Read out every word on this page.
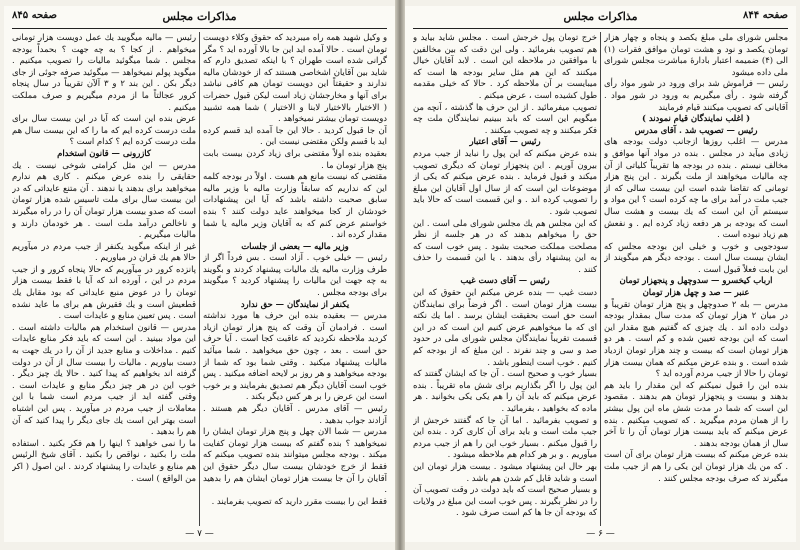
مذاكرات مجلس
صفحه ۸۴۵

و وكيل شهيد همه راه ميبرديد كه حقوق وكلاء دويست تومان است . حالا آمده ايد اين جا بالا آورده ايد ؟ مگر گرانی شده است طهران ؟ با اينكه تصديق دارم كه شايد بين آقايان اشخاصی هستند كه از خودشان مالیه ندارند و حقيقتاً اين دويست تومان هم كافی نباشد برای آنها و مخارجشان زياد است ليكن قبول حضرات ( الاختيار بالاختيار لابنا و الاختيار ) شما همه تشبيد دويست تومان بيشتر نميخواهد .

آن جا قبول كرديد . حالا اين جا آمده ايد قسم كرده ايد با قسم ولكن مقتضی نيست اين .

بعقيده بنده اولاً مقتضی برای زياد كردن بيست بابت پنج هزار تومان ما .

مقتضی كه نيست مانع هم هست . اولاً در بودجه كلمه اين كه نداريم كه سابقاً وزارت ماليه با وزير ماليه سابق صحبت داشته باشد كه آيا اين پيشنهادات خودشان از كجا ميخواهند عايد دولت كنند ؟ بنده خواستم عرض كنم كه به آقايان وزير ماليه يا شما مقدار كرده اند .

وزير ماليه — بعضی از جلسات

رئيس — خيلی خوب . آزاد است . بس فرداً اگر از طرف وزارت ماليه يك ماليات پيشنهاد كردند و بگويند به چه جهت اين ماليات را پيشنهاد كرديد ؟ ميگويند برای بودجه مجلس .

يكنفر از نمايندگان — حق ندارد

مدرس — بعقيده بنده اين حرف ها مورد نداشته است . فرادمان آن وقت كه پنج هزار تومان ازياد كرديد ملاحظه نكرديد كه عاقبت كجا است . آيا حرف حق است . بعد ، چون حق ميخواهيد . شما ميآئيد ماليات پيشنهاد ميكنيد . وقتی شما بود كه شما از بودجه ميخواهيد و هر روز بر لايحه اضافه ميكنيد . پس خوب است آقايان ديگر هم تصديق بفرمايند و بر خوب است اين عرض را بر هر كس ديگر بكند .

رئيس — آقای مدرس . آقايان ديگر هم هستند . آزادند جواب بدهيد .

مدرس — شما الان چهل و پنج هزار تومان ايشان را نميخواهيد ؟ بنده گفتم كه بيست هزار تومان كفايت ميكند . بودجه مجلس ميتوانند بنده تصويب ميكنم كه فقط از خرج خودشان بيست سال ديگر حقوق اين آقايان را آن جا بيست هزار تومان ايشان هم را بدهيد .

فقط اين را بيست مقرر داريد كه تصويب بفرمايند .

رئيس — ماليه ميگوييد يك عمل دويست هزار تومانی ميخواهم . از كجا ؟ به چه جهت ؟ بحمداً بودجه مجلس . شما ميگوئيد ماليات را تصويب ميكنيم . ميگويد پولم نميخواهد — ميگوئيد صرفه جوئی از جای ديگر بكن . اين بند ۲ و ۳ آلآن تقريباً در سال پنجاه كرور عجالتاً ما از مردم ميگيريم و صرف مملكت ميكنيم .

عرض بنده اين است كه آيا در اين بيست سال برای ملت درست كرده ايم كه ما را كه اين بيست سال هم ملت درست كرده ايم ؟ كدام است ؟

كازرونی — قانون استخدام

مدرس — اين مثل كرامتی شوخی نيست . يك حقايقی را بنده عرض ميكنم . كاری هم ندارم ميخواهيد برای بدهند يا ندهند . آن متنع عايداتی كه در اين بيست سال برای ملت تاسيس شده هزار تومان است كه صدو بيست هزار تومان آن را در راه ميگيرند و ناخالص درآمد ملت است . هر خودمان دارند و ماليات ميگيريم .

غير از اينكه ميگويد يكنفر از جيب مردم در ميآوريم حالا هم يك قران در مياوريم .

پانزده كرور در ميآوريم كه حالا پنجاه كرور و از جيب مردم در اين ، آورده اند كه آيا با فقط بيست هزار تومان را در عوض منبع عايداتی كه بود مقابل يك قطعيش است و يك فقيرش هم برای ما عايد نشده است . پس تعيين منابع و عايدات است .

مدرس — قانون استخدام هم ماليات داشته است . اين مواد ببينيد . اين است كه بايد فكر منابع عايدات كنيم . مداخلات و منابع جديد از آن را در يك جهت به دست بياوريم . ماليات را بيست سال از آن در دولت گرفته اند بخواهيم كه پيدا كنيد . حالا يك چيز ديگر . خوب اين در هر چيز ديگر منابع و عايدات است . وقتی گفته ايد از جيب مردم است شما با اين معاملات از جيب مردم در ميآوريد . پس اين اشتباه است بهتر اين است يك جای ديگر را پيدا كنيد كه آن هم را بدهيد .

ما را نمی خواهيد ؟ اينها را هم فكر بكنيد . استفاده ملت را بكنيد ، نواقص را بكنيد . آقای شيخ الرئيس هم منابع و عايدات را پيشنهاد كردند . اين اصول ( اكر من الواقع ) است .

— ۷ —
مذاكرات مجلس	صفحه ۸۴۴

مجلس شورای ملی مبلغ يكصد و پنجاه و چهار هزار تومان يكصد و نود و هشت تومان موافق فقرات (۱) الی (۴) ضميمه اعتبار بادارهٔ مباشرت مجلس شورای ملی داده ميشود

رئيس — فراموش شد برای ورود در شور مواد رأی گرفته شود . رأی ميگيريم به ورود در شور مواد . آقايانی كه تصويب ميكنند قيام فرمايند

( اغلب نمايندگان قيام نمودند )

رئيس — تصويب شد . آقای مدرس

مدرس — اغلب روزها ازجانب دولت بودجه های زيادی ميآيد در مجلس . بنده در مواد آنها موافق و مخالف نيستم . بنده در بودجه ها تقريباً كلياتی از آن چه ماليات ميخواهند از ملت بگيرند . اين پنج هزار تومانی كه تقاضا شده است اين بيست سالی كه از جيب ملت در آمد برای ما چه كرده است ؟ اين مواد و سيستم آن اين است كه يك بيست و هشت سال است كه بودجه بر هر دفعه زياد كرده ايم . و نفعش هم زياد نبوده است .

سودجويی و خوب و خيلی اين بودجه مجلس كه ايشان بيست سال است . بودجه ديگر هم ميگويند از اين بابت فعلاً قبول است .

ارباب كيخسرو — سدوچهل و پنجهزار تومان

عنبر — صد و چهل هزار تومان

مدرس — بله ۲ صدوچهل و پنج هزار تومان تقريباً و در ميان ۲ هزار تومان كه مدت سال بمقدار بودجه دولت داده اند . يك چيزی كه گفتيم هيچ مقدار اين است كه اين بودجه تعيين شده و كم است . هر دو هزار تومان است كه بيست و چند هزار تومان ازدياد شده است . و بنده عرض ميكنم كه همان بيست هزار تومان را حالا از جيب مردم آورده ايد ؟

بنده اين را قبول نميكنم كه اين مقدار را بايد هم بدهند و بيست و پنجهزار تومان هم بدهند . مقصود اين است كه شما در مدت شش ماه اين پول بيشتر را از همان مردم ميگيريد . كه تصويب ميكنيم . بنده عرض ميكنم كه بايد بيست هزار تومان آن را تا آخر سال از همان بودجه بدهند .

بنده عرض ميكنم كه بيست هزار تومان برای آن است . كه من يك هزار تومان اين يكی را هم از جيب ملت ميگيرند كه صرف بودجه مجلس كنند .

خرج تومان پول خرجش است . مجلس شايد بيايد و هم تصويب بفرمائيد . ولی اين دقت كه بين مخالفين با موافقين در ملاحظه اين است . لابد آقايان خيال ميكنند كه اين هم مثل ساير بودجه ها است كه ميبايست بر آن ملاحظه كرد . حالا كه خيلی مقدمه طول كشيده است ، عرض ميكنم .

تصويب ميفرمائيد . از اين حرف ها گذشته ، آنچه من ميگويم اين است كه بابد ببينيم نمايندگان ملت چه فكر ميكنند و چه تصويب ميكنند .

رئيس — آقای اعتبار

بنده عرض ميكنم كه اين پول را نبايد از جيب مردم بيرون آوريم . اين پنجهزار تومان كه ديگری تصويب ميكند و قبول فرمايد . بنده عرض ميكنم كه يكی از موضوعات اين است كه از سال اول آقايان اين مبلغ را تصويب كرده اند . و اين قسمت است كه حالا بايد تصويب شود .

كه اين مجلس هم يك مجلس شورای ملی است . اين حق را ميخواهم بدهند كه در هر جلسه از نظر مصلحت مملكت صحبت بشود . پس خوب است كه به اين پيشنهاد رأی بدهند . يا اين قسمت را حذف كنند .

رئيس — آقای دست غيب

دست غيب — بنده عرض ميكنم اين حقوق كه اين بيست هزار تومان است . اگر فرضاً برای نمايندگان است حق است بحقيقت ايشان برسد . اما يك نكته ای كه ما ميخواهيم عرض كنيم اين است كه در اين قسمت تقريباً نمايندگان مجلس شورای ملی در حدود صد و سی و چند نفرند . اين مبلغ كه از بودجه كم كنيم . خوب است اينطور باشد .

بسيار خوب و صحيح است . آن جا كه ايشان گفتند كه اين پول را اگر بگذاريم برای شش ماه تقريباً . بنده عرض ميكنم كه بايد آن را هم يكی يكی بخوانيد . هر ماده كه بخواهيد ، بفرمائيد .

و تصويب بفرمائيد . اما آن جا كه گفتند خرجش از جيب ملت است و بايد برای آن كاری كرد . بنده اين را قبول ميكنم . بسيار خوب اين را هم از جيب مردم ميآوريم . و بر هر كدام هم ملاحظه ميشود .

بهر حال اين پيشنهاد ميشود . بيست هزار تومان اين است و شايد قابل كم شدن هم باشد .

و بسيار صحيح است كه بايد دولت در وقت تصويب آن را در نظر بگيرند . پس خوب است اين مبلغ در ولايات كه بودجه آن جا ها كم است صرف شود .

— ۶ —
